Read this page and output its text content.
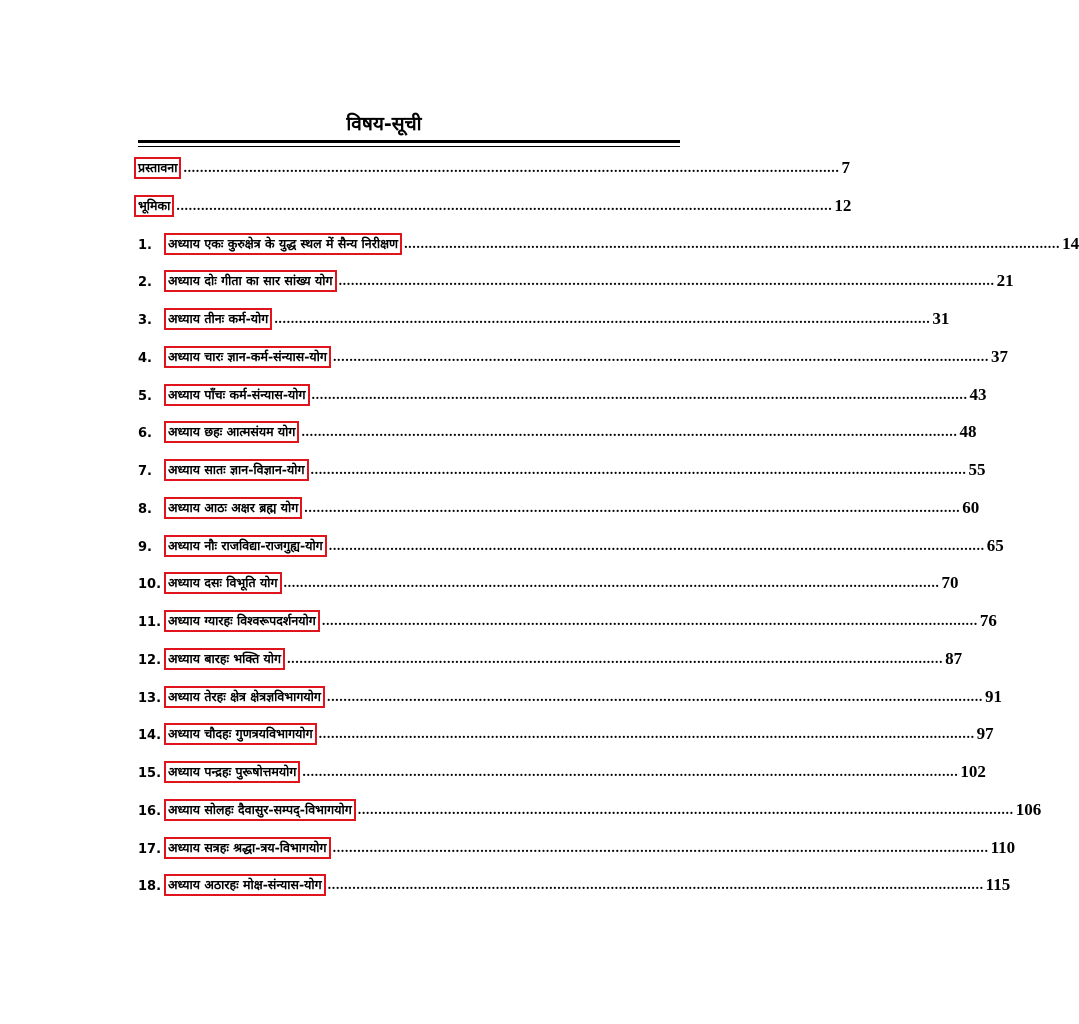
विषय-सूची
प्रस्तावना ................................................................................................................................................................ 7
भूमिका ................................................................................................................................................................ 12
1.	अध्याय एकः कुरुक्षेत्र के युद्ध स्थल में सैन्य निरीक्षण ................................................................................................................................................................ 14
2.	अध्याय दोः गीता का सार सांख्य योग ................................................................................................................................................................ 21
3.	अध्याय तीनः कर्म-योग ................................................................................................................................................................ 31
4.	अध्याय चारः ज्ञान-कर्म-संन्यास-योग ................................................................................................................................................................ 37
5.	अध्याय पाँचः कर्म-संन्यास-योग ................................................................................................................................................................ 43
6.	अध्याय छहः आत्मसंयम योग ................................................................................................................................................................ 48
7.	अध्याय सातः ज्ञान-विज्ञान-योग ................................................................................................................................................................ 55
8.	अध्याय आठः अक्षर ब्रह्म योग ................................................................................................................................................................ 60
9.	अध्याय नौः राजविद्या-राजगुह्य-योग ................................................................................................................................................................ 65
10. अध्याय दसः विभूति योग ................................................................................................................................................................ 70
11. अध्याय ग्यारहः विश्वरूपदर्शनयोग ................................................................................................................................................................ 76
12. अध्याय बारहः भक्ति योग ................................................................................................................................................................ 87
13. अध्याय तेरहः क्षेत्र क्षेत्रज्ञविभागयोग ................................................................................................................................................................ 91
14. अध्याय चौदहः गुणत्रयविभागयोग ................................................................................................................................................................ 97
15. अध्याय पन्द्रहः पुरूषोत्तमयोग ................................................................................................................................................................ 102
16. अध्याय सोलहः दैवासुर-सम्पद्-विभागयोग ................................................................................................................................................................ 106
17. अध्याय सत्रहः श्रद्धा-त्रय-विभागयोग ................................................................................................................................................................ 110
18. अध्याय अठारहः मोक्ष-संन्यास-योग ................................................................................................................................................................ 115
